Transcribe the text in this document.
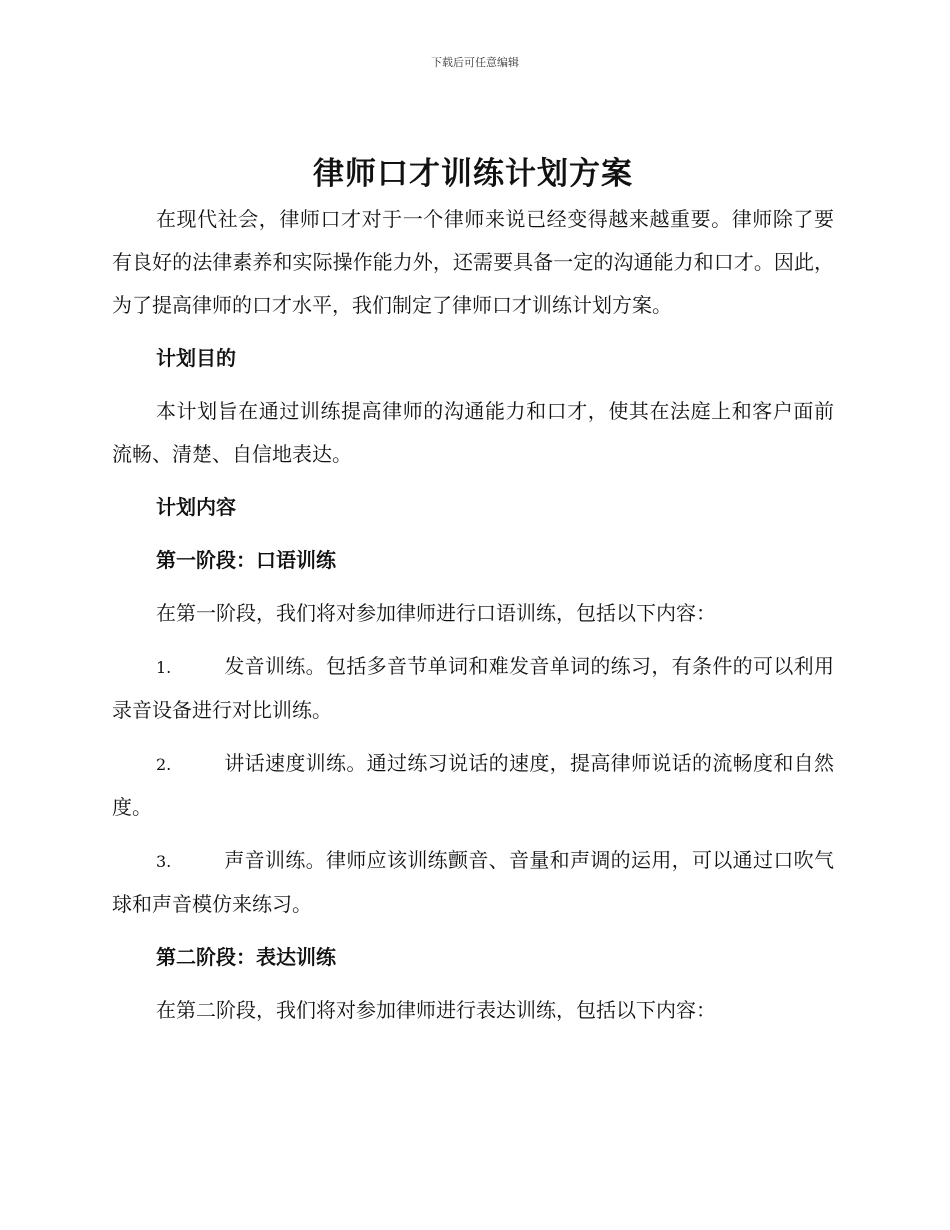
下载后可任意编辑
律师口才训练计划方案

在现代社会，律师口才对于一个律师来说已经变得越来越重要。律师除了要有良好的法律素养和实际操作能力外，还需要具备一定的沟通能力和口才。因此，为了提高律师的口才水平，我们制定了律师口才训练计划方案。

计划目的

本计划旨在通过训练提高律师的沟通能力和口才，使其在法庭上和客户面前流畅、清楚、自信地表达。

计划内容
第一阶段：口语训练

在第一阶段，我们将对参加律师进行口语训练，包括以下内容：

1.	发音训练。包括多音节单词和难发音单词的练习，有条件的可以利用录音设备进行对比训练。

2.	讲话速度训练。通过练习说话的速度，提高律师说话的流畅度和自然度。

3.	声音训练。律师应该训练颤音、音量和声调的运用，可以通过口吹气球和声音模仿来练习。

第二阶段：表达训练

在第二阶段，我们将对参加律师进行表达训练，包括以下内容：
